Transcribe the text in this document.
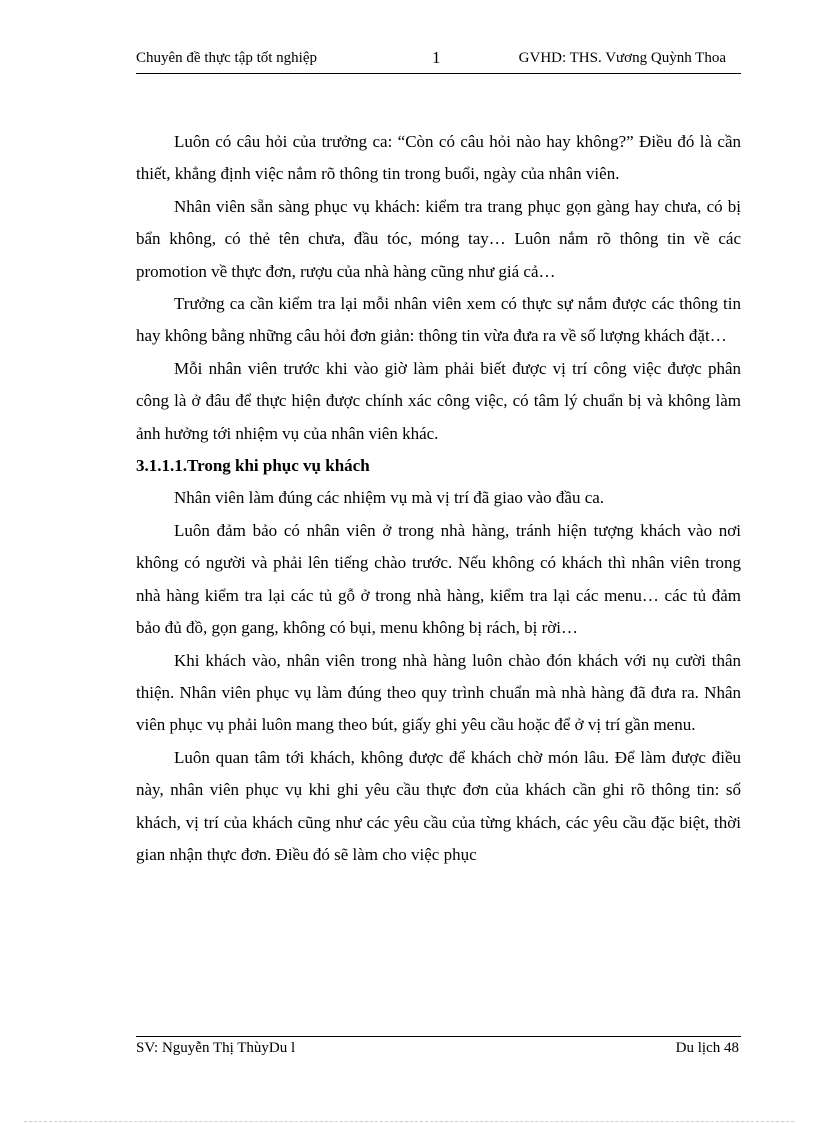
Chuyên đề thực tập tốt nghiệp	1	GVHD: THS. Vương Quỳnh Thoa

Luôn có câu hỏi của trưởng ca: “Còn có câu hỏi nào hay không?” Điều đó là cần thiết, khẳng định việc nắm rõ thông tin trong buổi, ngày của nhân viên.

Nhân viên sẵn sàng phục vụ khách: kiểm tra trang phục gọn gàng hay chưa, có bị bẩn không, có thẻ tên chưa, đầu tóc, móng tay… Luôn nắm rõ thông tin về các promotion về thực đơn, rượu của nhà hàng cũng như giá cả…

Trưởng ca cần kiểm tra lại mỗi nhân viên xem có thực sự nắm được các thông tin hay không bằng những câu hỏi đơn giản: thông tin vừa đưa ra về số lượng khách đặt…

Mỗi nhân viên trước khi vào giờ làm phải biết được vị trí công việc được phân công là ở đâu để thực hiện được chính xác công việc, có tâm lý chuẩn bị và không làm ảnh hưởng tới nhiệm vụ của nhân viên khác.

3.1.1.1.Trong khi phục vụ khách

Nhân viên làm đúng các nhiệm vụ mà vị trí đã giao vào đầu ca.

Luôn đảm bảo có nhân viên ở trong nhà hàng, tránh hiện tượng khách vào nơi không có người và phải lên tiếng chào trước. Nếu không có khách thì nhân viên trong nhà hàng kiểm tra lại các tủ gỗ ở trong nhà hàng, kiểm tra lại các menu… các tủ đảm bảo đủ đồ, gọn gang, không có bụi, menu không bị rách, bị rời…

Khi khách vào, nhân viên trong nhà hàng luôn chào đón khách với nụ cười thân thiện. Nhân viên phục vụ làm đúng theo quy trình chuẩn mà nhà hàng đã đưa ra. Nhân viên phục vụ phải luôn mang theo bút, giấy ghi yêu cầu hoặc để ở vị trí gần menu.

Luôn quan tâm tới khách, không được để khách chờ món lâu. Để làm được điều này, nhân viên phục vụ khi ghi yêu cầu thực đơn của khách cần ghi rõ thông tin: số khách, vị trí của khách cũng như các yêu cầu của từng khách, các yêu cầu đặc biệt, thời gian nhận thực đơn. Điều đó sẽ làm cho việc phục

SV: Nguyễn Thị ThùyDu l	Du lịch 48
